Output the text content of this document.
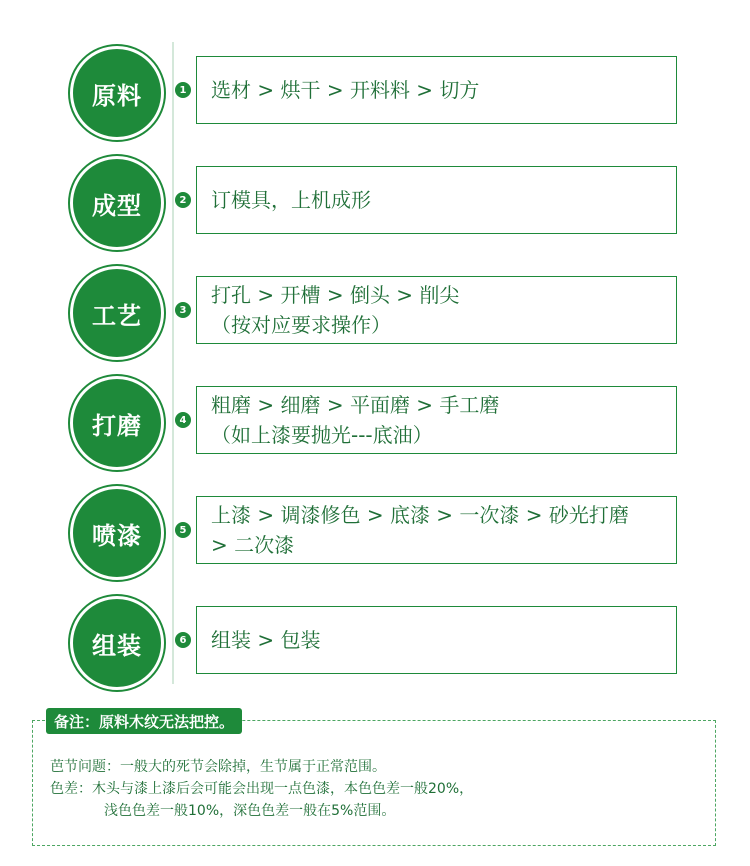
原料	1 选材 > 烘干 > 开料料 > 切方
成型	2 订模具，上机成形
工艺	3
打孔 > 开槽 > 倒头 > 削尖
（按对应要求操作）
打磨	4
粗磨 > 细磨 > 平面磨 > 手工磨
（如上漆要抛光---底油）
喷漆	5
上漆 > 调漆修色 > 底漆 > 一次漆 > 砂光打磨
> 二次漆
组装	6 组装 > 包装
备注：原料木纹无法把控。
芭节问题：一般大的死节会除掉，生节属于正常范围。
色差：木头与漆上漆后会可能会出现一点色漆，本色色差一般20%，
浅色色差一般10%，深色色差一般在5%范围。
